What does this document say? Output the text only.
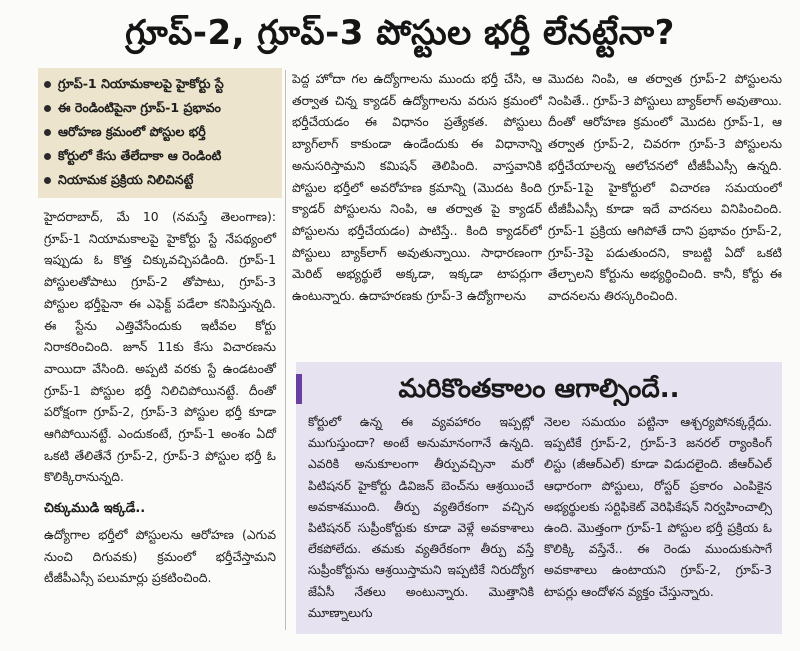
గ్రూప్-2, గ్రూప్-3 పోస్టుల భర్తీ లేనట్టేనా?
గ్రూప్-1 నియామకాలపై హైకోర్టు స్టే
ఈ రెండింటిపైనా గ్రూప్-1 ప్రభావం
ఆరోహణ క్రమంలో పోస్టుల భర్తీ
కోర్టులో కేసు తేలేదాకా ఆ రెండింటి
నియామక ప్రక్రియ నిలిచినట్టే

హైదరాబాద్, మే 10 (నమస్తే తెలంగాణ): గ్రూప్-1 నియామకాలపై హైకోర్టు స్టే నేపథ్యంలో ఇప్పుడు ఓ కొత్త చిక్కువచ్చిపడింది. గ్రూప్-1 పోస్టులతోపాటు గ్రూప్-2 తోపాటు, గ్రూప్-3 పోస్టుల భర్తీపైనా ఈ ఎఫెక్ట్ పడేలా కనిపిస్తున్నది. ఈ స్టేను ఎత్తివేసేందుకు ఇటీవల కోర్టు నిరాకరించింది. జూన్ 11కు కేసు విచారణను వాయిదా వేసింది. అప్పటి వరకు స్టే ఉండటంతో గ్రూప్-1 పోస్టుల భర్తీ నిలిచిపోయినట్టే. దీంతో పరోక్షంగా గ్రూప్-2, గ్రూప్-3 పోస్టుల భర్తీ కూడా ఆగిపోయినట్టే. ఎందుకంటే, గ్రూప్-1 అంశం ఏదో ఒకటి తేలితేనే గ్రూప్-2, గ్రూప్-3 పోస్టుల భర్తీ ఓ కొలిక్కిరానున్నది.

చిక్కుముడి ఇక్కడే..

ఉద్యోగాల భర్తీలో పోస్టులను ఆరోహణ (ఎగువ నుంచి దిగువకు) క్రమంలో భర్తీచేస్తామని టీజీపీఎస్సీ పలుమార్లు ప్రకటించింది.

పెద్ద హోదా గల ఉద్యోగాలను ముందు భర్తీ చేసి, ఆ తర్వాత చిన్న క్యాడర్ ఉద్యోగాలను వరుస క్రమంలో భర్తీచేయడం ఈ విధానం ప్రత్యేకత. పోస్టులు బ్యాగ్‌లాగ్ కాకుండా ఉండేందుకు ఈ విధానాన్ని అనుసరిస్తామని కమిషన్ తెలిపింది. వాస్తవానికి పోస్టుల భర్తీలో అవరోహణ క్రమాన్ని (మొదట కింది క్యాడర్ పోస్టులను నింపి, ఆ తర్వాత పై క్యాడర్ పోస్టులను భర్తీచేయడం) పాటిస్తే.. కింది క్యాడర్‌లో పోస్టులు బ్యాక్‌లాగ్ అవుతున్నాయి. సాధారణంగా మెరిట్ అభ్యర్థులే అక్కడా, ఇక్కడా టాపర్లుగా ఉంటున్నారు. ఉదాహరణకు గ్రూప్-3 ఉద్యోగాలను

మొదట నింపి, ఆ తర్వాత గ్రూప్-2 పోస్టులను నింపితే.. గ్రూప్-3 పోస్టులు బ్యాక్‌లాగ్ అవుతాయి. దీంతో ఆరోహణ క్రమంలో మొదట గ్రూప్-1, ఆ తర్వాత గ్రూప్-2, చివరగా గ్రూప్-3 పోస్టులను భర్తీచేయాలన్న ఆలోచనలో టీజీపీఎస్సీ ఉన్నది. గ్రూప్-1పై హైకోర్టులో విచారణ సమయంలో టీజీపీఎస్సీ కూడా ఇదే వాదనలు వినిపించింది. గ్రూప్-1 ప్రక్రియ ఆగిపోతే దాని ప్రభావం గ్రూప్-2, గ్రూప్-3పై పడుతుందని, కాబట్టి ఏదో ఒకటి తేల్చాలని కోర్టును అభ్యర్థించింది. కానీ, కోర్టు ఈ వాదనలను తిరస్కరించింది.

మరికొంతకాలం ఆగాల్సిందే..

కోర్టులో ఉన్న ఈ వ్యవహారం ఇప్పట్లో ముగుస్తుందా? అంటే అనుమానంగానే ఉన్నది. ఎవరికి అనుకూలంగా తీర్పువచ్చినా మరో పిటిషనర్ హైకోర్టు డివిజన్ బెంచ్‌ను ఆశ్రయించే అవకాశముంది. తీర్పు వ్యతిరేకంగా వచ్చిన పిటిషనర్ సుప్రీంకోర్టుకు కూడా వెళ్లే అవకాశాలు లేకపోలేదు. తమకు వ్యతిరేకంగా తీర్పు వస్తే సుప్రీంకోర్టును ఆశ్రయిస్తామని ఇప్పటికే నిరుద్యోగ జేఏసీ నేతలు అంటున్నారు. మొత్తానికి మూణ్నాలుగు

నెలల సమయం పట్టినా ఆశ్చర్యపోనక్కర్లేదు. ఇప్పటికే గ్రూప్-2, గ్రూప్-3 జనరల్ ర్యాంకింగ్ లిస్టు (జీఆర్‌ఎల్) కూడా విడుదలైంది. జీఆర్‌ఎల్ ఆధారంగా పోస్టులు, రోస్టర్ ప్రకారం ఎంపికైన అభ్యర్థులకు సర్టిఫికెట్ వెరిఫికేషన్ నిర్వహించాల్సి ఉంది. మొత్తంగా గ్రూప్-1 పోస్టుల భర్తీ ప్రక్రియ ఓ కొలిక్కి వస్తేనే.. ఈ రెండు ముందుకుసాగే అవకాశాలు ఉంటాయని గ్రూప్-2, గ్రూప్-3 టాపర్లు ఆందోళన వ్యక్తం చేస్తున్నారు.
